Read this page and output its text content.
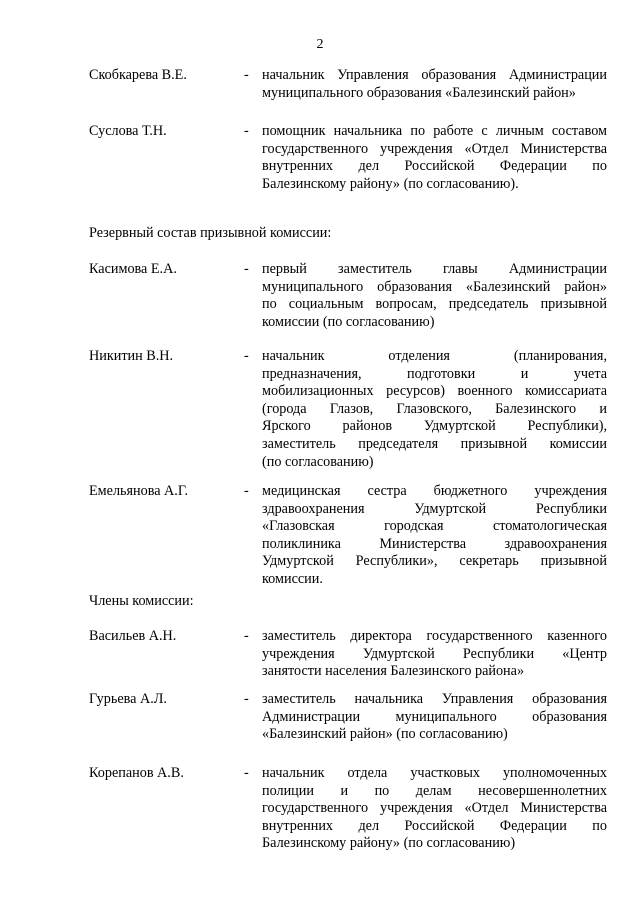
2
Скобкарева В.Е.	- начальник Управления образования Администрации
муниципального образования «Балезинский район»
Суслова Т.Н.	- помощник начальника по работе с личным составом
государственного учреждения «Отдел Министерства
внутренних дел Российской Федерации по
Балезинскому району» (по согласованию).
Резервный состав призывной комиссии:
Касимова Е.А.	- первый заместитель главы Администрации
муниципального образования «Балезинский район»
по социальным вопросам, председатель призывной
комиссии (по согласованию)
Никитин В.Н.	- начальник отделения (планирования,
предназначения, подготовки и учета
мобилизационных ресурсов) военного комиссариата
(города Глазов, Глазовского, Балезинского и
Ярского районов Удмуртской Республики),
заместитель председателя призывной комиссии
(по согласованию)
Емельянова А.Г.	- медицинская сестра бюджетного учреждения
здравоохранения Удмуртской Республики
«Глазовская городская стоматологическая
поликлиника Министерства здравоохранения
Удмуртской Республики», секретарь призывной
комиссии.
Члены комиссии:
Васильев А.Н.	- заместитель директора государственного казенного
учреждения Удмуртской Республики «Центр
занятости населения Балезинского района»
Гурьева А.Л.	- заместитель начальника Управления образования
Администрации муниципального образования
«Балезинский район» (по согласованию)
Корепанов А.В.	- начальник отдела участковых уполномоченных
полиции и по делам несовершеннолетних
государственного учреждения «Отдел Министерства
внутренних дел Российской Федерации по
Балезинскому району» (по согласованию)
